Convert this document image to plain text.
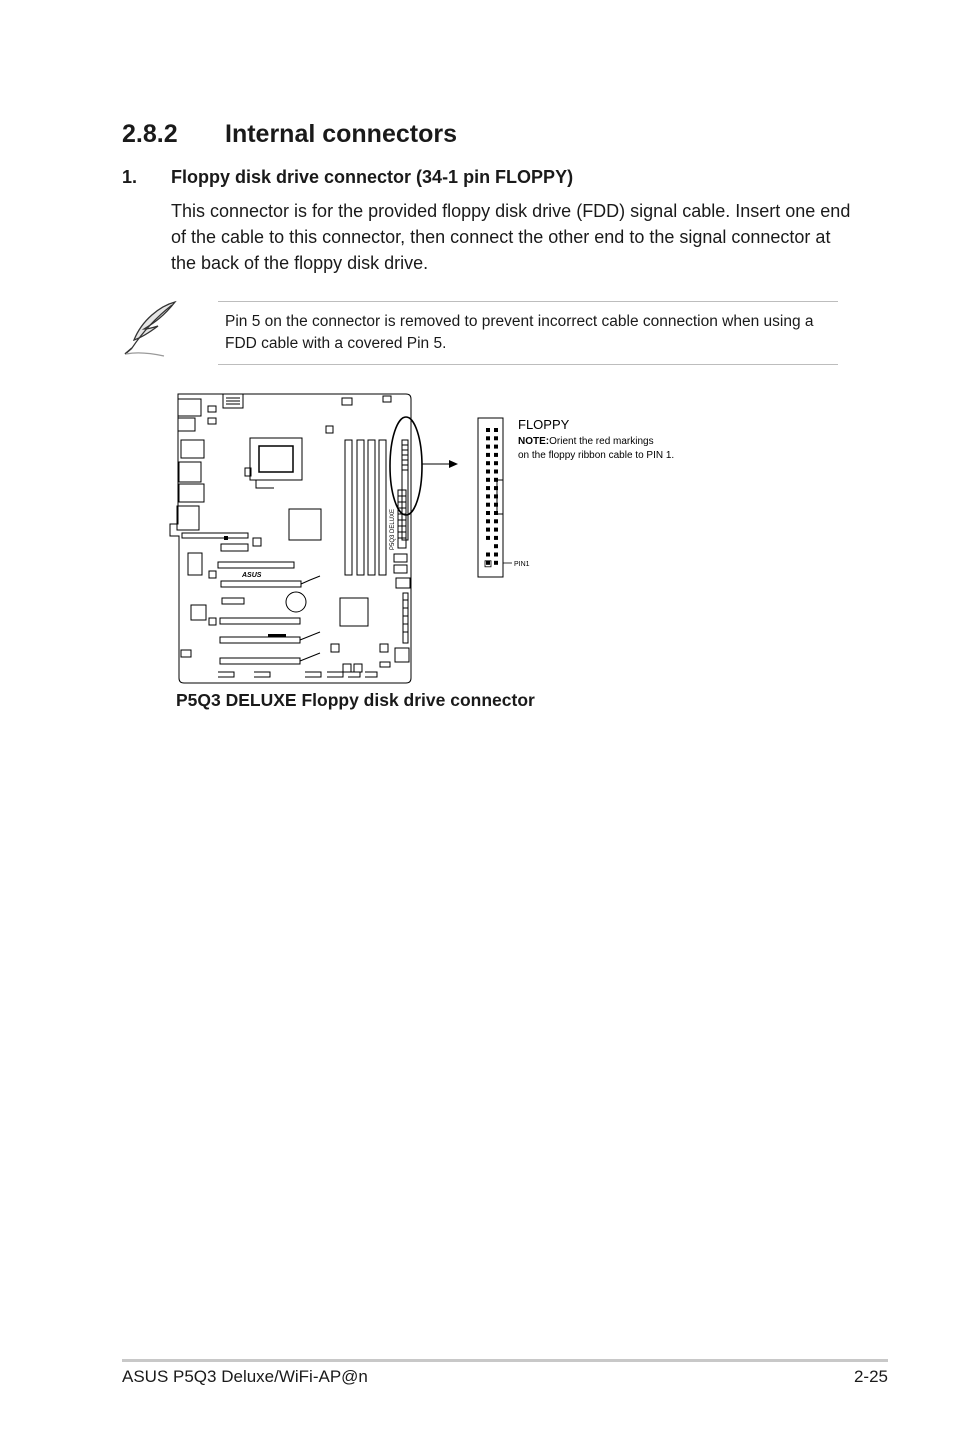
2.8.2 Internal connectors
1. Floppy disk drive connector (34-1 pin FLOPPY)
This connector is for the provided floppy disk drive (FDD) signal cable. Insert one end of the cable to this connector, then connect the other end to the signal connector at the back of the floppy disk drive.
Pin 5 on the connector is removed to prevent incorrect cable connection when using a FDD cable with a covered Pin 5.
ASUS
P5Q3 DELUXE
PIN1
FLOPPY
NOTE:Orient the red markings
on the floppy ribbon cable to PIN 1.
P5Q3 DELUXE Floppy disk drive connector
ASUS P5Q3 Deluxe/WiFi-AP@n	2-25
